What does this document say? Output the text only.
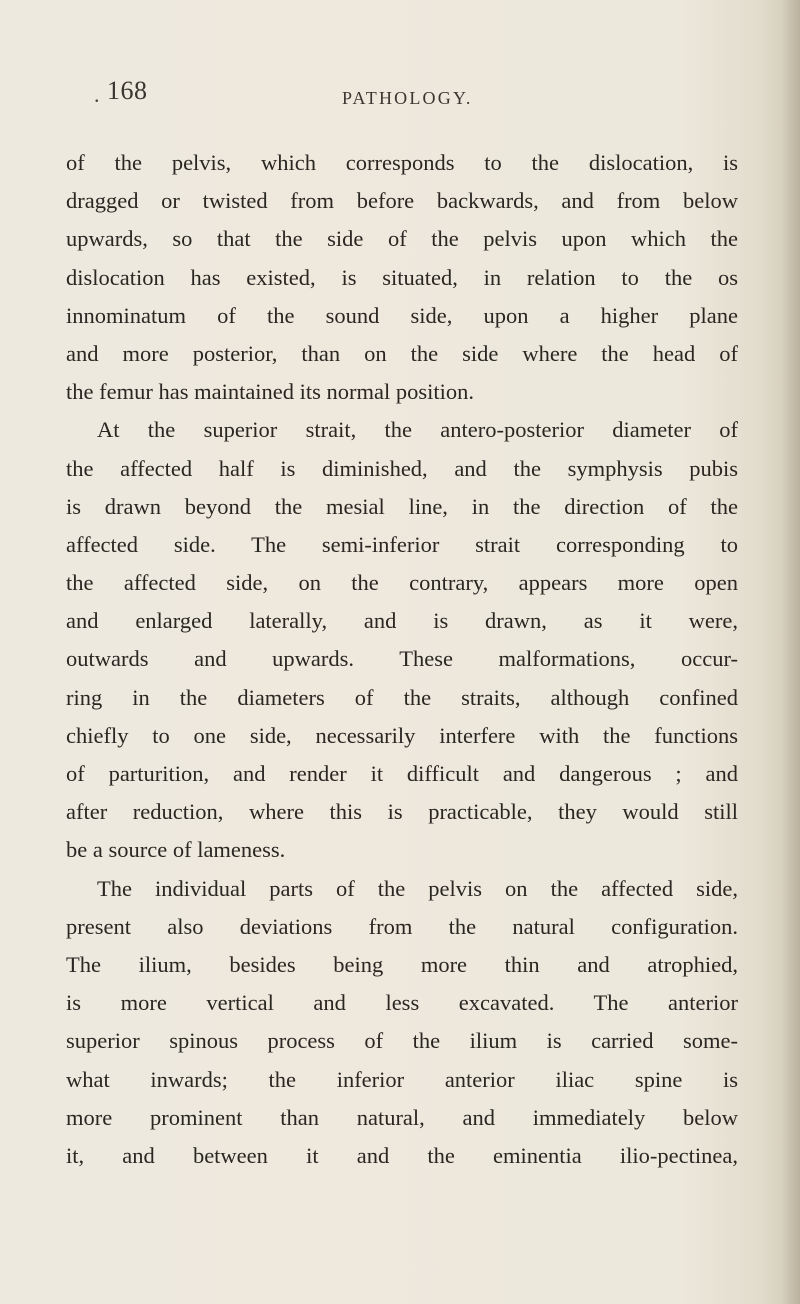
. 168	PATHOLOGY.
of the pelvis, which corresponds to the dislocation, is
dragged or twisted from before backwards, and from below
upwards, so that the side of the pelvis upon which the
dislocation has existed, is situated, in relation to the os
innominatum of the sound side, upon a higher plane
and more posterior, than on the side where the head of
the femur has maintained its normal position.
At the superior strait, the antero-posterior diameter of
the affected half is diminished, and the symphysis pubis
is drawn beyond the mesial line, in the direction of the
affected side. The semi-inferior strait corresponding to
the affected side, on the contrary, appears more open
and enlarged laterally, and is drawn, as it were,
outwards and upwards. These malformations, occur-
ring in the diameters of the straits, although confined
chiefly to one side, necessarily interfere with the functions
of parturition, and render it difficult and dangerous ; and
after reduction, where this is practicable, they would still
be a source of lameness.
The individual parts of the pelvis on the affected side,
present also deviations from the natural configuration.
The ilium, besides being more thin and atrophied,
is more vertical and less excavated. The anterior
superior spinous process of the ilium is carried some-
what inwards; the inferior anterior iliac spine is
more prominent than natural, and immediately below
it, and between it and the eminentia ilio-pectinea,
